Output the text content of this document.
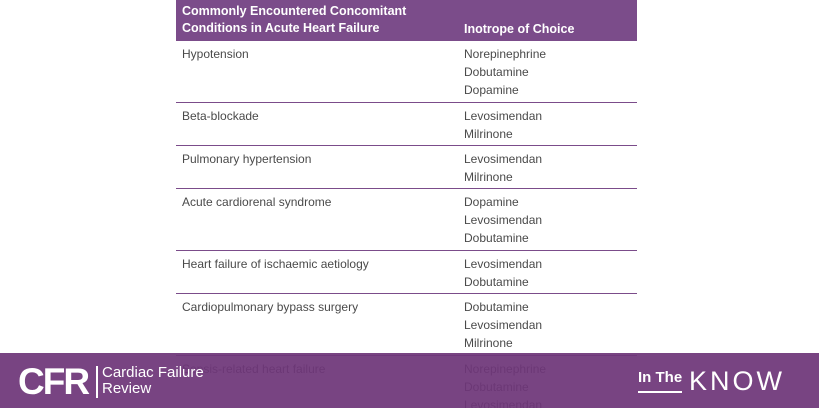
Commonly Encountered Concomitant Conditions in Acute Heart Failure	Inotrope of Choice
Hypotension	Norepinephrine
Dobutamine
Dopamine
Beta-blockade	Levosimendan
Milrinone
Pulmonary hypertension	Levosimendan
Milrinone
Acute cardiorenal syndrome	Dopamine
Levosimendan
Dobutamine
Heart failure of ischaemic aetiology	Levosimendan
Dobutamine
Cardiopulmonary bypass surgery	Dobutamine
Levosimendan
Milrinone
CFR Cardiac Failure
Review
In The KNOW
